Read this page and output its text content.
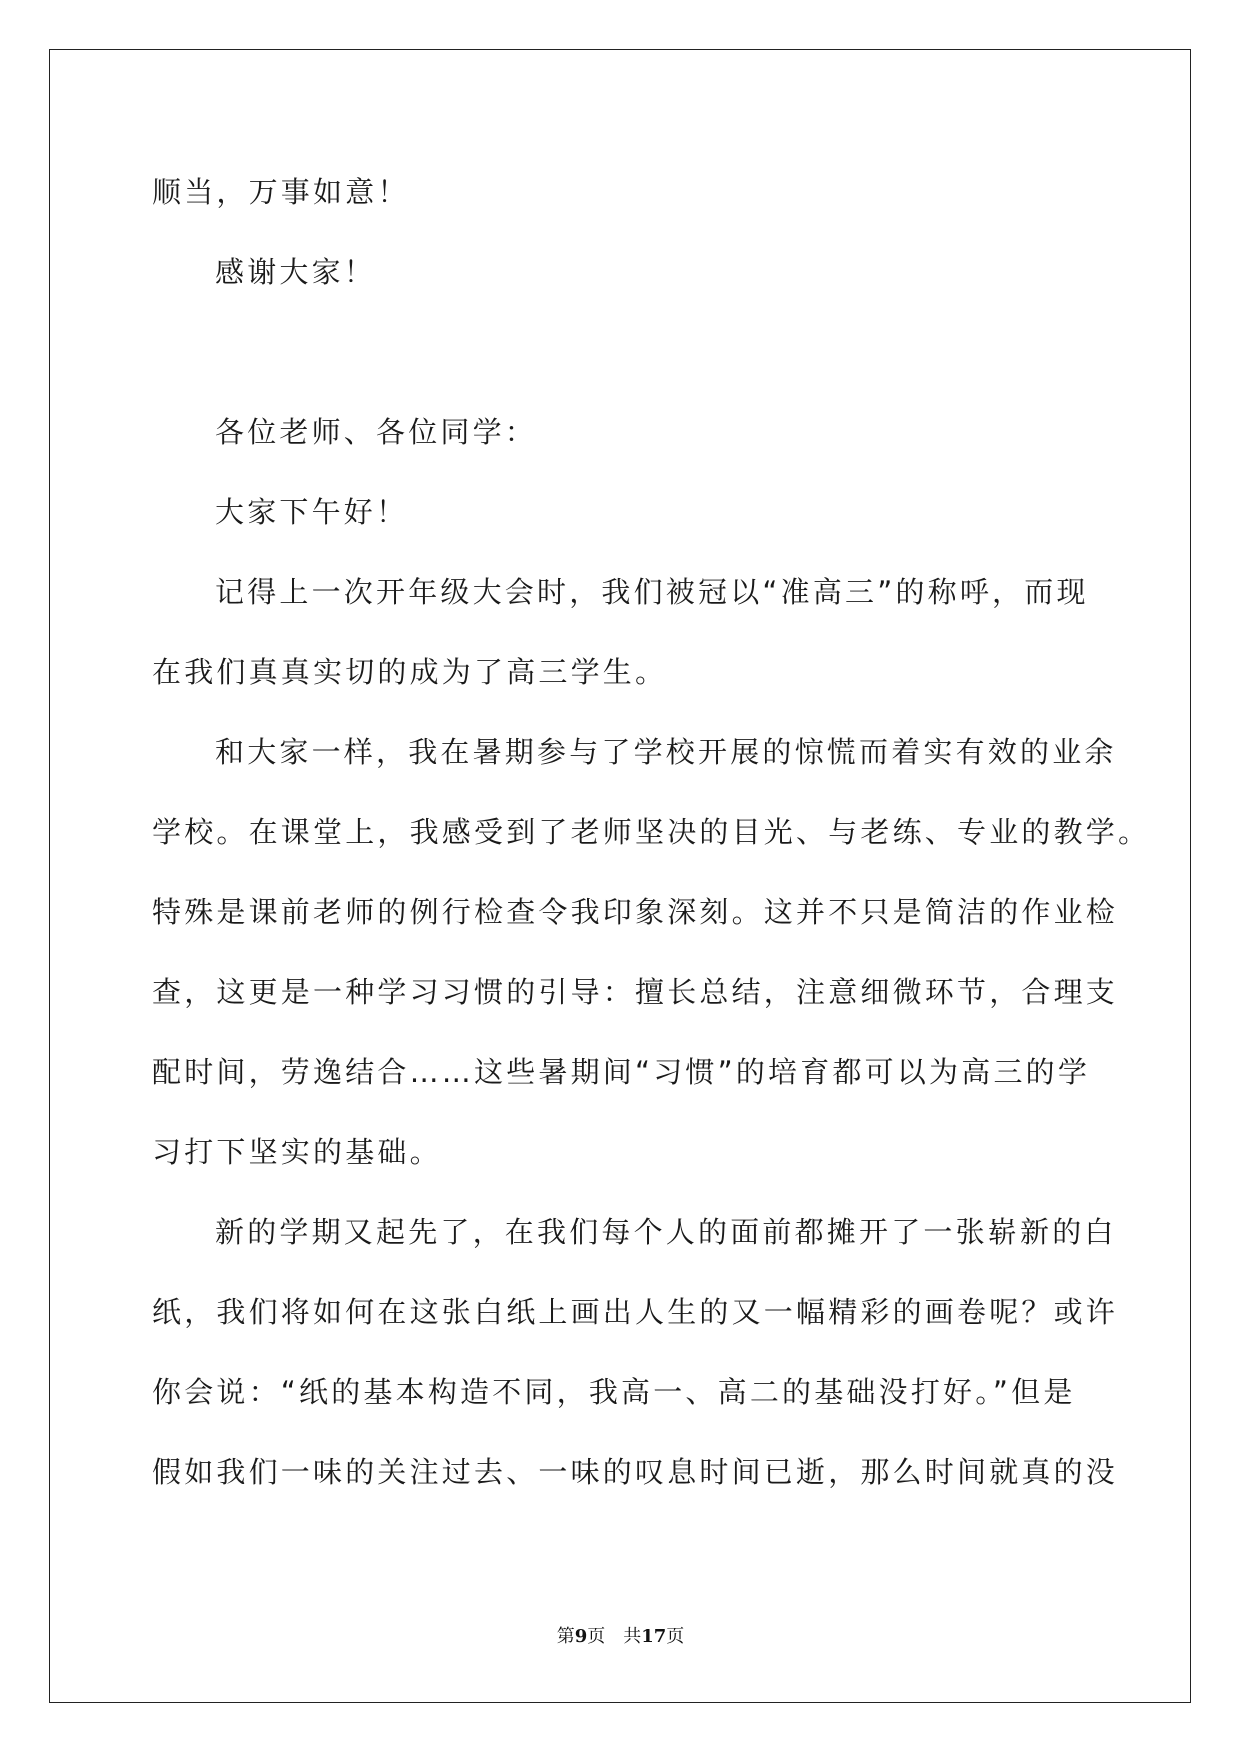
顺当，万事如意！
感谢大家！
各位老师、各位同学：
大家下午好！
记得上一次开年级大会时，我们被冠以“准高三”的称呼，而现
在我们真真实切的成为了高三学生。
和大家一样，我在暑期参与了学校开展的惊慌而着实有效的业余
学校。在课堂上，我感受到了老师坚决的目光、与老练、专业的教学。
特殊是课前老师的例行检查令我印象深刻。这并不只是简洁的作业检
查，这更是一种学习习惯的引导：擅长总结，注意细微环节，合理支
配时间，劳逸结合……这些暑期间“习惯”的培育都可以为高三的学
习打下坚实的基础。
新的学期又起先了，在我们每个人的面前都摊开了一张崭新的白
纸，我们将如何在这张白纸上画出人生的又一幅精彩的画卷呢？或许
你会说：“纸的基本构造不同，我高一、高二的基础没打好。”但是
假如我们一味的关注过去、一味的叹息时间已逝，那么时间就真的没
第9页 共17页
